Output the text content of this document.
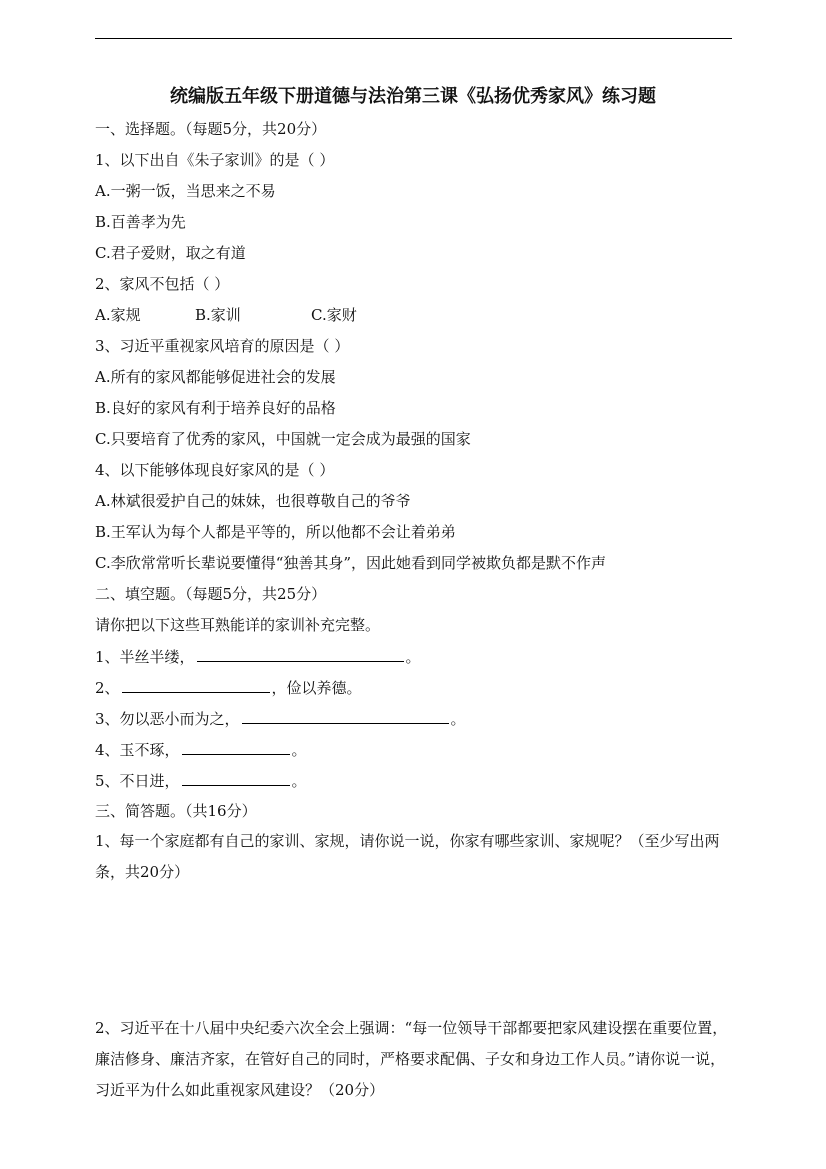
统编版五年级下册道德与法治第三课《弘扬优秀家风》练习题
一、选择题。（每题5分，共20分）
1、以下出自《朱子家训》的是（ ）
A.一粥一饭，当思来之不易
B.百善孝为先
C.君子爱财，取之有道
2、家风不包括（ ）
A.家规	B.家训	C.家财
3、习近平重视家风培育的原因是（ ）
A.所有的家风都能够促进社会的发展
B.良好的家风有利于培养良好的品格
C.只要培育了优秀的家风，中国就一定会成为最强的国家
4、以下能够体现良好家风的是（ ）
A.林斌很爱护自己的妹妹，也很尊敬自己的爷爷
B.王军认为每个人都是平等的，所以他都不会让着弟弟
C.李欣常常听长辈说要懂得“独善其身”，因此她看到同学被欺负都是默不作声
二、填空题。（每题5分，共25分）
请你把以下这些耳熟能详的家训补充完整。
1、半丝半缕，	。
2、	，俭以养德。
3、勿以恶小而为之，	。
4、玉不琢，	。
5、不日进，	。
三、简答题。（共16分）
1、每一个家庭都有自己的家训、家规，请你说一说，你家有哪些家训、家规呢？（至少写出两条，共20分）
2、习近平在十八届中央纪委六次全会上强调：“每一位领导干部都要把家风建设摆在重要位置，廉洁修身、廉洁齐家，在管好自己的同时，严格要求配偶、子女和身边工作人员。”请你说一说，习近平为什么如此重视家风建设？（20分）
